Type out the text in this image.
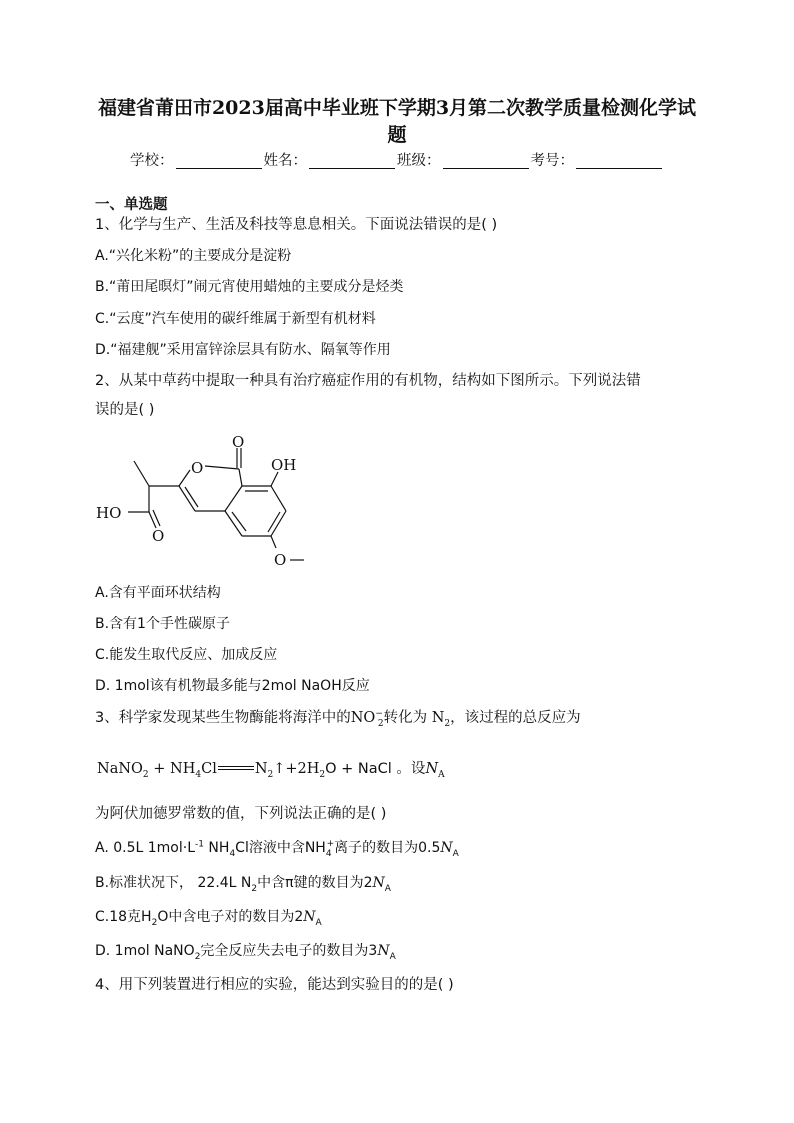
福建省莆田市2023届高中毕业班下学期3月第二次教学质量检测化学试题
学校：	姓名：	班级：	考号：
一、单选题
1、化学与生产、生活及科技等息息相关。下面说法错误的是( )
A.“兴化米粉”的主要成分是淀粉
B.“莆田尾暝灯”闹元宵使用蜡烛的主要成分是烃类
C.“云度”汽车使用的碳纤维属于新型有机材料
D.“福建舰”采用富锌涂层具有防水、隔氧等作用
2、从某中草药中提取一种具有治疗癌症作用的有机物，结构如下图所示。下列说法错
误的是( )
O
O	OH
HO
O
O
A.含有平面环状结构
B.含有1个手性碳原子
C.能发生取代反应、加成反应
D. 1mol该有机物最多能与2mol NaOH反应
3、科学家发现某些生物酶能将海洋中的$NO^-_2$转化为 $N_2$，该过程的总反应为
NaNO$_2$ + $NH_4Cl$	$N_2↑+2H_2O$ + NaCl 。设$N_A$
为阿伏加德罗常数的值，下列说法正确的是( )
A. 0.5L $1mol\cdot L^{-1}$ $NH_4Cl$溶液中含$NH_4^+$离子的数目为$0.5N_A$
B.标准状况下， 22.4L $N_2$中含π键的数目为$2N_A$
C.18克$H_2O$中含电子对的数目为$2N_A$
D. 1mol NaNO$_2$完全反应失去电子的数目为$3N_A$
4、用下列装置进行相应的实验，能达到实验目的的是( )
